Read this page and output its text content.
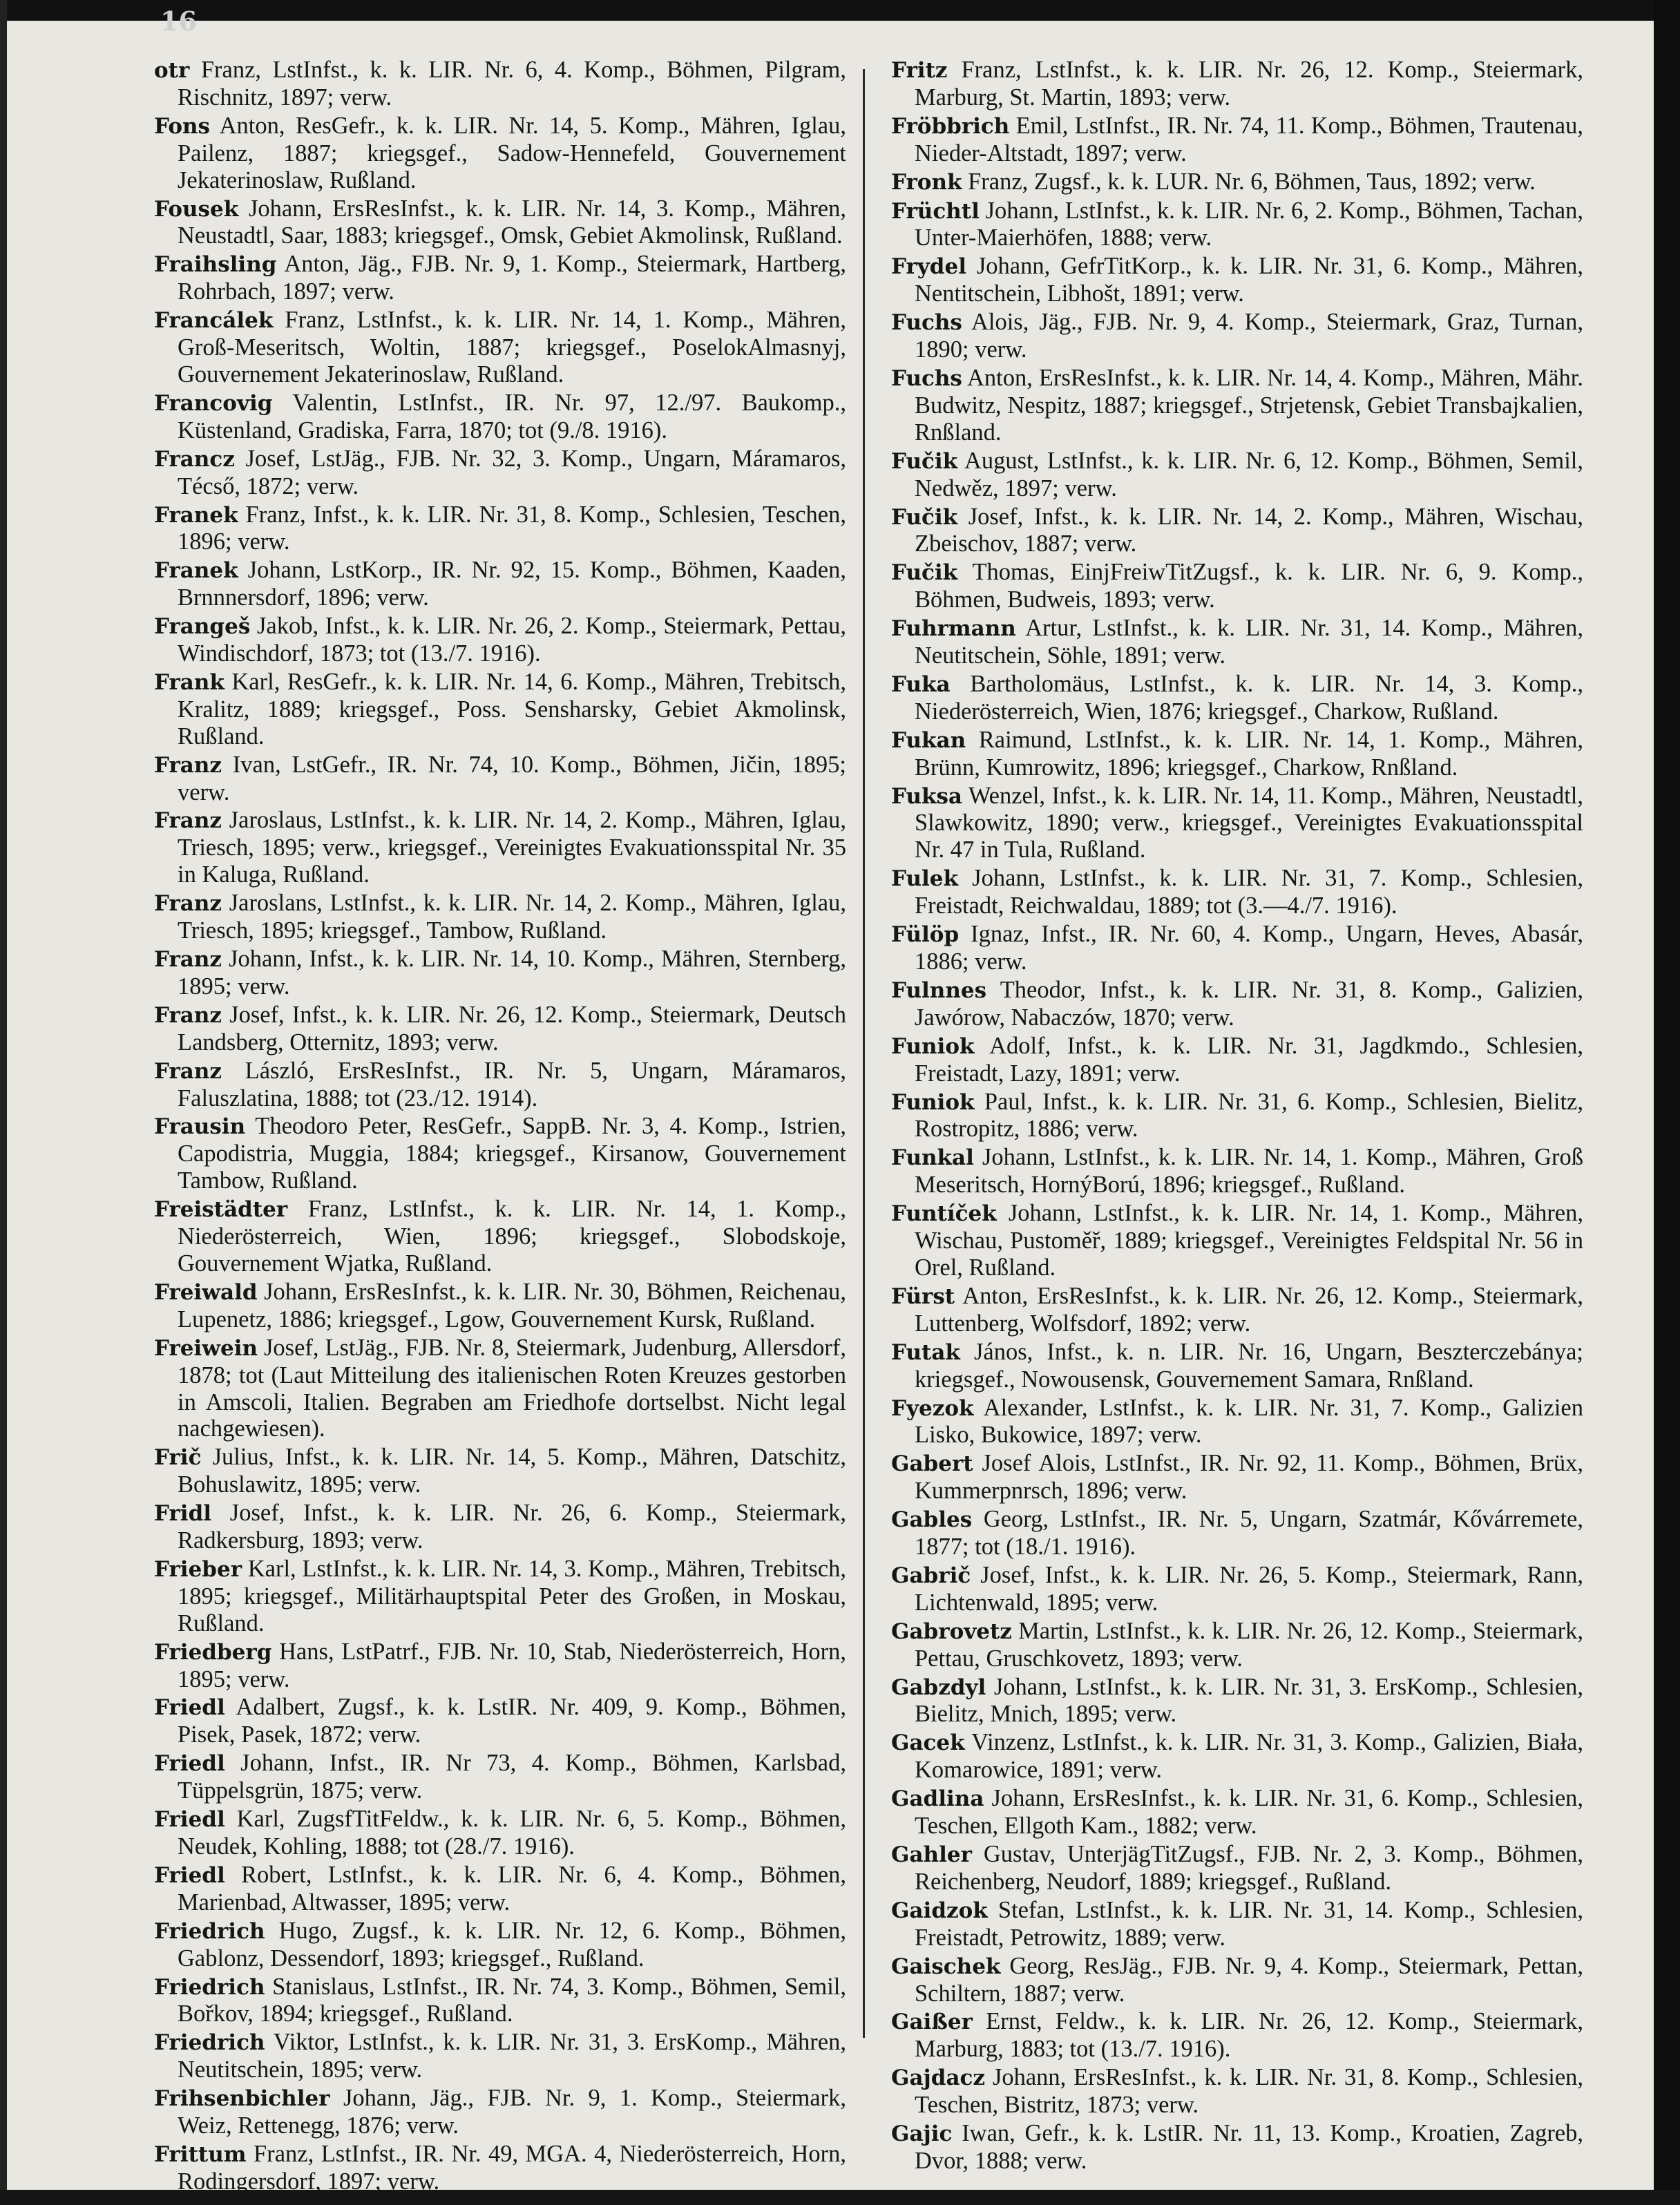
16

otr Franz, LstInfst., k. k. LIR. Nr. 6, 4. Komp., Böhmen, Pilgram, Rischnitz, 1897; verw.

Fons Anton, ResGefr., k. k. LIR. Nr. 14, 5. Komp., Mähren, Iglau, Pailenz, 1887; kriegsgef., Sadow-Hennefeld, Gouvernement Jekaterinoslaw, Rußland.

Fousek Johann, ErsResInfst., k. k. LIR. Nr. 14, 3. Komp., Mähren, Neustadtl, Saar, 1883; kriegsgef., Omsk, Gebiet Akmolinsk, Rußland.

Fraihsling Anton, Jäg., FJB. Nr. 9, 1. Komp., Steiermark, Hartberg, Rohrbach, 1897; verw.

Francálek Franz, LstInfst., k. k. LIR. Nr. 14, 1. Komp., Mähren, Groß-Meseritsch, Woltin, 1887; kriegsgef., PoselokAlmasnyj, Gouvernement Jekaterinoslaw, Rußland.

Francovig Valentin, LstInfst., IR. Nr. 97, 12./97. Baukomp., Küstenland, Gradiska, Farra, 1870; tot (9./8. 1916).

Francz Josef, LstJäg., FJB. Nr. 32, 3. Komp., Ungarn, Máramaros, Técső, 1872; verw.

Franek Franz, Infst., k. k. LIR. Nr. 31, 8. Komp., Schlesien, Teschen, 1896; verw.

Franek Johann, LstKorp., IR. Nr. 92, 15. Komp., Böhmen, Kaaden, Brnnnersdorf, 1896; verw.

Frangeš Jakob, Infst., k. k. LIR. Nr. 26, 2. Komp., Steiermark, Pettau, Windischdorf, 1873; tot (13./7. 1916).

Frank Karl, ResGefr., k. k. LIR. Nr. 14, 6. Komp., Mähren, Trebitsch, Kralitz, 1889; kriegsgef., Poss. Sensharsky, Gebiet Akmolinsk, Rußland.

Franz Ivan, LstGefr., IR. Nr. 74, 10. Komp., Böhmen, Jičin, 1895; verw.

Franz Jaroslaus, LstInfst., k. k. LIR. Nr. 14, 2. Komp., Mähren, Iglau, Triesch, 1895; verw., kriegsgef., Vereinigtes Evakuationsspital Nr. 35 in Kaluga, Rußland.

Franz Jaroslans, LstInfst., k. k. LIR. Nr. 14, 2. Komp., Mähren, Iglau, Triesch, 1895; kriegsgef., Tambow, Rußland.

Franz Johann, Infst., k. k. LIR. Nr. 14, 10. Komp., Mähren, Sternberg, 1895; verw.

Franz Josef, Infst., k. k. LIR. Nr. 26, 12. Komp., Steiermark, Deutsch Landsberg, Otternitz, 1893; verw.

Franz László, ErsResInfst., IR. Nr. 5, Ungarn, Máramaros, Faluszlatina, 1888; tot (23./12. 1914).

Frausin Theodoro Peter, ResGefr., SappB. Nr. 3, 4. Komp., Istrien, Capodistria, Muggia, 1884; kriegsgef., Kirsanow, Gouvernement Tambow, Rußland.

Freistädter Franz, LstInfst., k. k. LIR. Nr. 14, 1. Komp., Niederösterreich, Wien, 1896; kriegsgef., Slobodskoje, Gouvernement Wjatka, Rußland.

Freiwald Johann, ErsResInfst., k. k. LIR. Nr. 30, Böhmen, Reichenau, Lupenetz, 1886; kriegsgef., Lgow, Gouvernement Kursk, Rußland.

Freiwein Josef, LstJäg., FJB. Nr. 8, Steiermark, Judenburg, Allersdorf, 1878; tot (Laut Mitteilung des italienischen Roten Kreuzes gestorben in Amscoli, Italien. Begraben am Friedhofe dortselbst. Nicht legal nachgewiesen).

Frič Julius, Infst., k. k. LIR. Nr. 14, 5. Komp., Mähren, Datschitz, Bohuslawitz, 1895; verw.

Fridl Josef, Infst., k. k. LIR. Nr. 26, 6. Komp., Steiermark, Radkersburg, 1893; verw.

Frieber Karl, LstInfst., k. k. LIR. Nr. 14, 3. Komp., Mähren, Trebitsch, 1895; kriegsgef., Militärhauptspital Peter des Großen, in Moskau, Rußland.

Friedberg Hans, LstPatrf., FJB. Nr. 10, Stab, Niederösterreich, Horn, 1895; verw.

Friedl Adalbert, Zugsf., k. k. LstIR. Nr. 409, 9. Komp., Böhmen, Pisek, Pasek, 1872; verw.

Friedl Johann, Infst., IR. Nr 73, 4. Komp., Böhmen, Karlsbad, Tüppelsgrün, 1875; verw.

Friedl Karl, ZugsfTitFeldw., k. k. LIR. Nr. 6, 5. Komp., Böhmen, Neudek, Kohling, 1888; tot (28./7. 1916).

Friedl Robert, LstInfst., k. k. LIR. Nr. 6, 4. Komp., Böhmen, Marienbad, Altwasser, 1895; verw.

Friedrich Hugo, Zugsf., k. k. LIR. Nr. 12, 6. Komp., Böhmen, Gablonz, Dessendorf, 1893; kriegsgef., Rußland.

Friedrich Stanislaus, LstInfst., IR. Nr. 74, 3. Komp., Böhmen, Semil, Bořkov, 1894; kriegsgef., Rußland.

Friedrich Viktor, LstInfst., k. k. LIR. Nr. 31, 3. ErsKomp., Mähren, Neutitschein, 1895; verw.

Frihsenbichler Johann, Jäg., FJB. Nr. 9, 1. Komp., Steiermark, Weiz, Rettenegg, 1876; verw.

Frittum Franz, LstInfst., IR. Nr. 49, MGA. 4, Niederösterreich, Horn, Rodingersdorf, 1897; verw.

Fritz Franz, LstInfst., k. k. LIR. Nr. 26, 12. Komp., Steiermark, Marburg, St. Martin, 1893; verw.

Fröbbrich Emil, LstInfst., IR. Nr. 74, 11. Komp., Böhmen, Trautenau, Nieder-Altstadt, 1897; verw.

Fronk Franz, Zugsf., k. k. LUR. Nr. 6, Böhmen, Taus, 1892; verw.

Früchtl Johann, LstInfst., k. k. LIR. Nr. 6, 2. Komp., Böhmen, Tachan, Unter-Maierhöfen, 1888; verw.

Frydel Johann, GefrTitKorp., k. k. LIR. Nr. 31, 6. Komp., Mähren, Nentitschein, Libhošt, 1891; verw.

Fuchs Alois, Jäg., FJB. Nr. 9, 4. Komp., Steiermark, Graz, Turnan, 1890; verw.

Fuchs Anton, ErsResInfst., k. k. LIR. Nr. 14, 4. Komp., Mähren, Mähr. Budwitz, Nespitz, 1887; kriegsgef., Strjetensk, Gebiet Transbajkalien, Rnßland.

Fučik August, LstInfst., k. k. LIR. Nr. 6, 12. Komp., Böhmen, Semil, Nedwěz, 1897; verw.

Fučik Josef, Infst., k. k. LIR. Nr. 14, 2. Komp., Mähren, Wischau, Zbeischov, 1887; verw.

Fučik Thomas, EinjFreiwTitZugsf., k. k. LIR. Nr. 6, 9. Komp., Böhmen, Budweis, 1893; verw.

Fuhrmann Artur, LstInfst., k. k. LIR. Nr. 31, 14. Komp., Mähren, Neutitschein, Söhle, 1891; verw.

Fuka Bartholomäus, LstInfst., k. k. LIR. Nr. 14, 3. Komp., Niederösterreich, Wien, 1876; kriegsgef., Charkow, Rußland.

Fukan Raimund, LstInfst., k. k. LIR. Nr. 14, 1. Komp., Mähren, Brünn, Kumrowitz, 1896; kriegsgef., Charkow, Rnßland.

Fuksa Wenzel, Infst., k. k. LIR. Nr. 14, 11. Komp., Mähren, Neustadtl, Slawkowitz, 1890; verw., kriegsgef., Vereinigtes Evakuationsspital Nr. 47 in Tula, Rußland.

Fulek Johann, LstInfst., k. k. LIR. Nr. 31, 7. Komp., Schlesien, Freistadt, Reichwaldau, 1889; tot (3.—4./7. 1916).

Fülöp Ignaz, Infst., IR. Nr. 60, 4. Komp., Ungarn, Heves, Abasár, 1886; verw.

Fulnnes Theodor, Infst., k. k. LIR. Nr. 31, 8. Komp., Galizien, Jawórow, Nabaczów, 1870; verw.

Funiok Adolf, Infst., k. k. LIR. Nr. 31, Jagdkmdo., Schlesien, Freistadt, Lazy, 1891; verw.

Funiok Paul, Infst., k. k. LIR. Nr. 31, 6. Komp., Schlesien, Bielitz, Rostropitz, 1886; verw.

Funkal Johann, LstInfst., k. k. LIR. Nr. 14, 1. Komp., Mähren, Groß Meseritsch, HornýBorú, 1896; kriegsgef., Rußland.

Funtíček Johann, LstInfst., k. k. LIR. Nr. 14, 1. Komp., Mähren, Wischau, Pustoměř, 1889; kriegsgef., Vereinigtes Feldspital Nr. 56 in Orel, Rußland.

Fürst Anton, ErsResInfst., k. k. LIR. Nr. 26, 12. Komp., Steiermark, Luttenberg, Wolfsdorf, 1892; verw.

Futak János, Infst., k. n. LIR. Nr. 16, Ungarn, Beszterczebánya; kriegsgef., Nowousensk, Gouvernement Samara, Rnßland.

Fyezok Alexander, LstInfst., k. k. LIR. Nr. 31, 7. Komp., Galizien Lisko, Bukowice, 1897; verw.

Gabert Josef Alois, LstInfst., IR. Nr. 92, 11. Komp., Böhmen, Brüx, Kummerpnrsch, 1896; verw.

Gables Georg, LstInfst., IR. Nr. 5, Ungarn, Szatmár, Kővárremete, 1877; tot (18./1. 1916).

Gabrič Josef, Infst., k. k. LIR. Nr. 26, 5. Komp., Steiermark, Rann, Lichtenwald, 1895; verw.

Gabrovetz Martin, LstInfst., k. k. LIR. Nr. 26, 12. Komp., Steiermark, Pettau, Gruschkovetz, 1893; verw.

Gabzdyl Johann, LstInfst., k. k. LIR. Nr. 31, 3. ErsKomp., Schlesien, Bielitz, Mnich, 1895; verw.

Gacek Vinzenz, LstInfst., k. k. LIR. Nr. 31, 3. Komp., Galizien, Biała, Komarowice, 1891; verw.

Gadlina Johann, ErsResInfst., k. k. LIR. Nr. 31, 6. Komp., Schlesien, Teschen, Ellgoth Kam., 1882; verw.

Gahler Gustav, UnterjägTitZugsf., FJB. Nr. 2, 3. Komp., Böhmen, Reichenberg, Neudorf, 1889; kriegsgef., Rußland.

Gaidzok Stefan, LstInfst., k. k. LIR. Nr. 31, 14. Komp., Schlesien, Freistadt, Petrowitz, 1889; verw.

Gaischek Georg, ResJäg., FJB. Nr. 9, 4. Komp., Steiermark, Pettan, Schiltern, 1887; verw.

Gaißer Ernst, Feldw., k. k. LIR. Nr. 26, 12. Komp., Steiermark, Marburg, 1883; tot (13./7. 1916).

Gajdacz Johann, ErsResInfst., k. k. LIR. Nr. 31, 8. Komp., Schlesien, Teschen, Bistritz, 1873; verw.

Gajic Iwan, Gefr., k. k. LstIR. Nr. 11, 13. Komp., Kroatien, Zagreb, Dvor, 1888; verw.
